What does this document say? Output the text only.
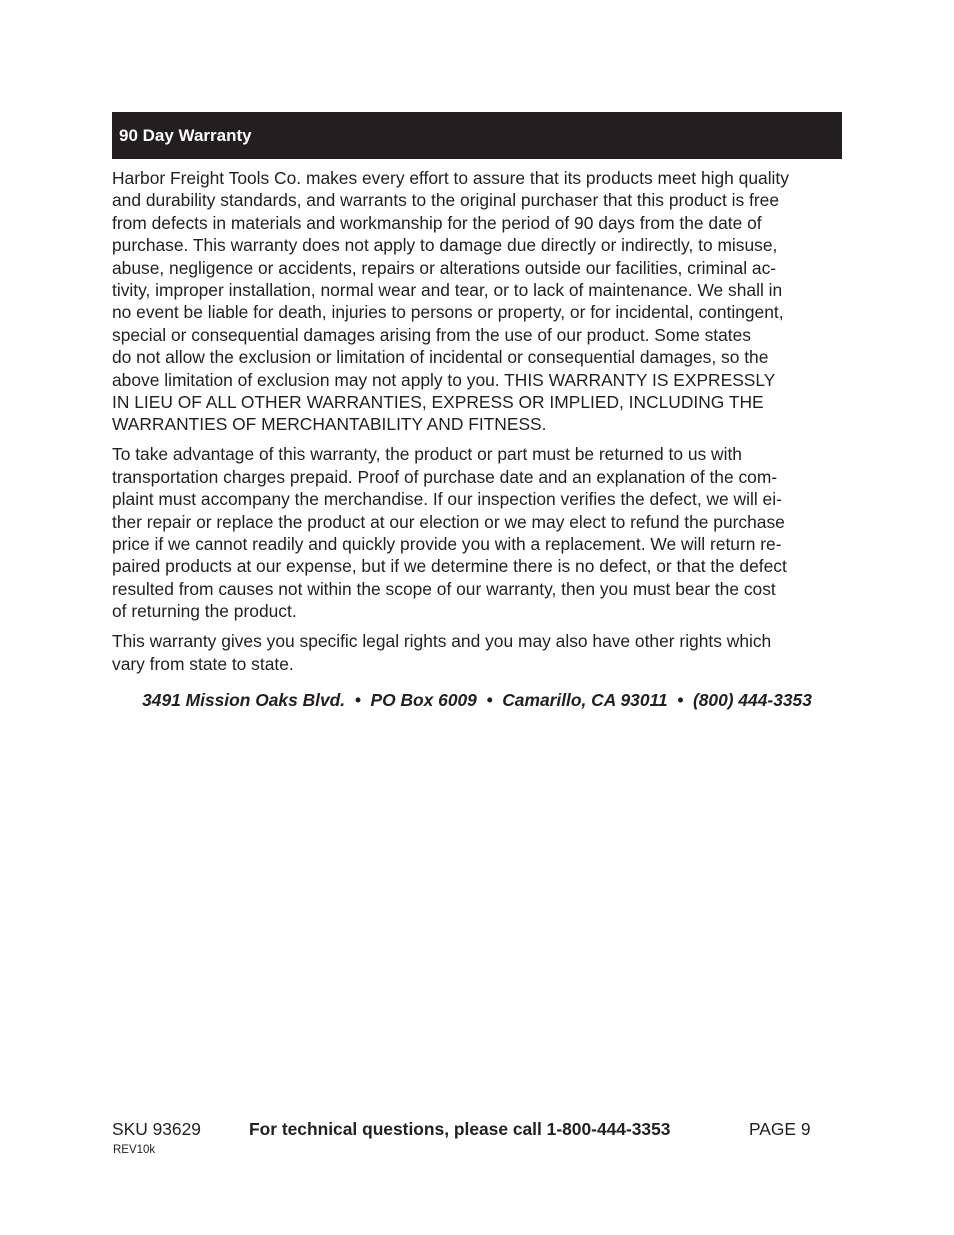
90 Day Warranty

Harbor Freight Tools Co. makes every effort to assure that its products meet high quality
and durability standards, and warrants to the original purchaser that this product is free
from defects in materials and workmanship for the period of 90 days from the date of
purchase. This warranty does not apply to damage due directly or indirectly, to misuse,
abuse, negligence or accidents, repairs or alterations outside our facilities, criminal ac-
tivity, improper installation, normal wear and tear, or to lack of maintenance. We shall in
no event be liable for death, injuries to persons or property, or for incidental, contingent,
special or consequential damages arising from the use of our product. Some states
do not allow the exclusion or limitation of incidental or consequential damages, so the
above limitation of exclusion may not apply to you. THIS WARRANTY IS EXPRESSLY
IN LIEU OF ALL OTHER WARRANTIES, EXPRESS OR IMPLIED, INCLUDING THE
WARRANTIES OF MERCHANTABILITY AND FITNESS.

To take advantage of this warranty, the product or part must be returned to us with
transportation charges prepaid. Proof of purchase date and an explanation of the com-
plaint must accompany the merchandise. If our inspection verifies the defect, we will ei-
ther repair or replace the product at our election or we may elect to refund the purchase
price if we cannot readily and quickly provide you with a replacement. We will return re-
paired products at our expense, but if we determine there is no defect, or that the defect
resulted from causes not within the scope of our warranty, then you must bear the cost
of returning the product.

This warranty gives you specific legal rights and you may also have other rights which
vary from state to state.

3491 Mission Oaks Blvd.  •  PO Box 6009  •  Camarillo, CA 93011  •  (800) 444-3353
SKU 93629	For technical questions, please call 1-800-444-3353	PAGE 9
REV10k
